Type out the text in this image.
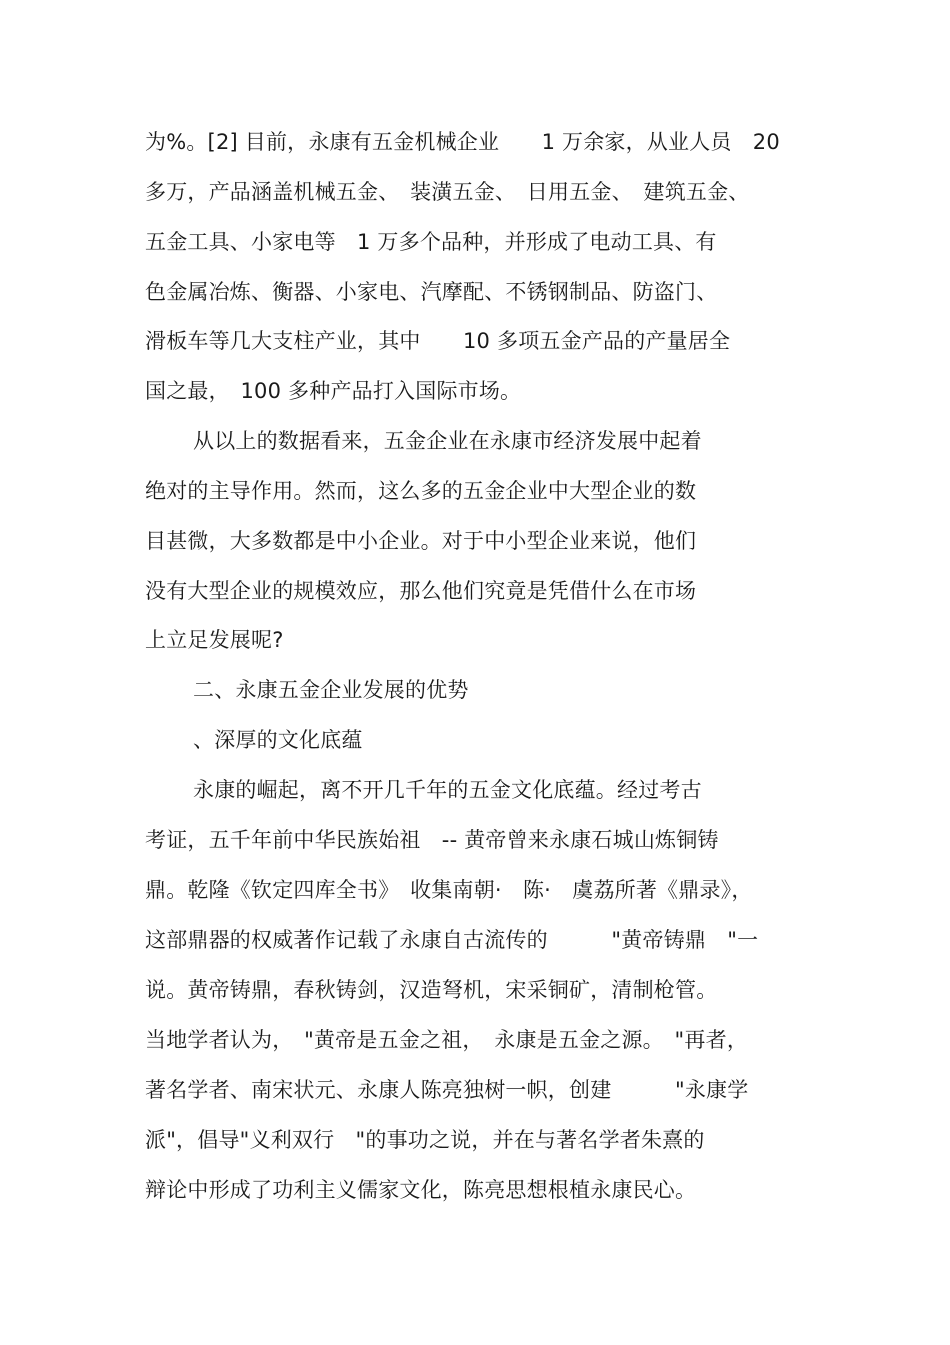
为%。[2] 目前，永康有五金机械企业　　1 万余家，从业人员　20
多万，产品涵盖机械五金、　装潢五金、　日用五金、　建筑五金、
五金工具、小家电等　1 万多个品种，并形成了电动工具、有
色金属冶炼、衡器、小家电、汽摩配、不锈钢制品、防盗门、
滑板车等几大支柱产业，其中　　10 多项五金产品的产量居全
国之最，　100 多种产品打入国际市场。
从以上的数据看来，五金企业在永康市经济发展中起着
绝对的主导作用。然而，这么多的五金企业中大型企业的数
目甚微，大多数都是中小企业。对于中小型企业来说，他们
没有大型企业的规模效应，那么他们究竟是凭借什么在市场
上立足发展呢?
二、永康五金企业发展的优势
、深厚的文化底蕴
永康的崛起，离不开几千年的五金文化底蕴。经过考古
考证，五千年前中华民族始祖　-- 黄帝曾来永康石城山炼铜铸
鼎。乾隆《钦定四库全书》　收集南朝·　陈·　虞荔所著《鼎录》，
这部鼎器的权威著作记载了永康自古流传的　　　"黄帝铸鼎　"一
说。黄帝铸鼎，春秋铸剑，汉造弩机，宋采铜矿，清制枪管。
当地学者认为，　"黄帝是五金之祖，　永康是五金之源。　"再者，
著名学者、南宋状元、永康人陈亮独树一帜，创建　　　"永康学
派"，倡导"义利双行　"的事功之说，并在与著名学者朱熹的
辩论中形成了功利主义儒家文化，陈亮思想根植永康民心。
